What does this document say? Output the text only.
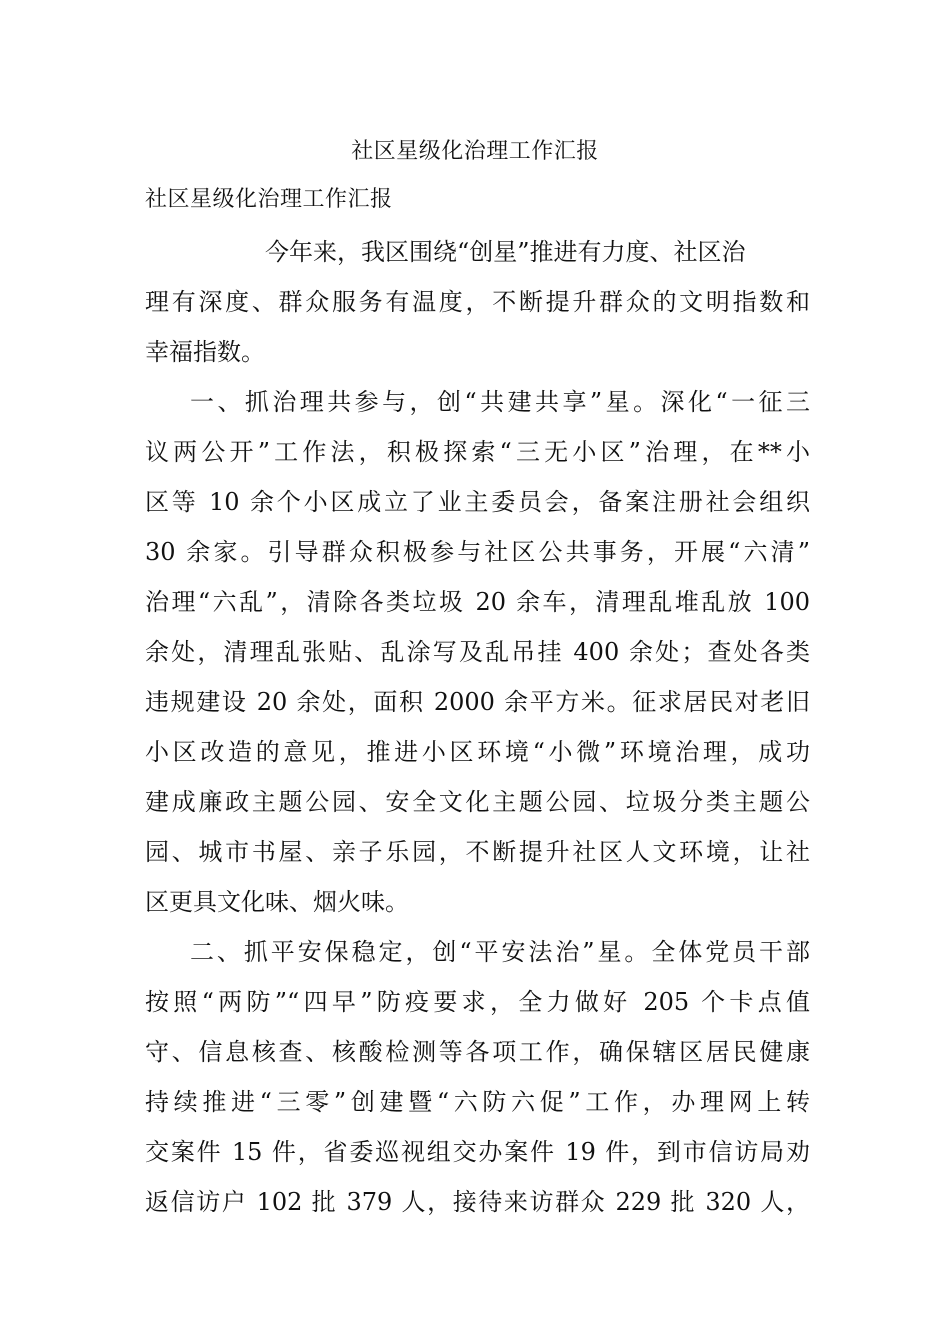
社区星级化治理工作汇报
社区星级化治理工作汇报
今年来，我区围绕“创星”推进有力度、社区治
理有深度、群众服务有温度，不断提升群众的文明指数和
幸福指数。
一、抓治理共参与，创“共建共享”星。深化“一征三
议两公开”工作法，积极探索“三无小区”治理，在**小
区等 10 余个小区成立了业主委员会，备案注册社会组织
30 余家。引导群众积极参与社区公共事务，开展“六清”
治理“六乱”，清除各类垃圾 20 余车，清理乱堆乱放 100
余处，清理乱张贴、乱涂写及乱吊挂 400 余处；查处各类
违规建设 20 余处，面积 2000 余平方米。征求居民对老旧
小区改造的意见，推进小区环境“小微”环境治理，成功
建成廉政主题公园、安全文化主题公园、垃圾分类主题公
园、城市书屋、亲子乐园，不断提升社区人文环境，让社
区更具文化味、烟火味。
二、抓平安保稳定，创“平安法治”星。全体党员干部
按照“两防”“四早”防疫要求，全力做好 205 个卡点值
守、信息核查、核酸检测等各项工作，确保辖区居民健康
持续推进“三零”创建暨“六防六促”工作，办理网上转
交案件 15 件，省委巡视组交办案件 19 件，到市信访局劝
返信访户 102 批 379 人，接待来访群众 229 批 320 人，
